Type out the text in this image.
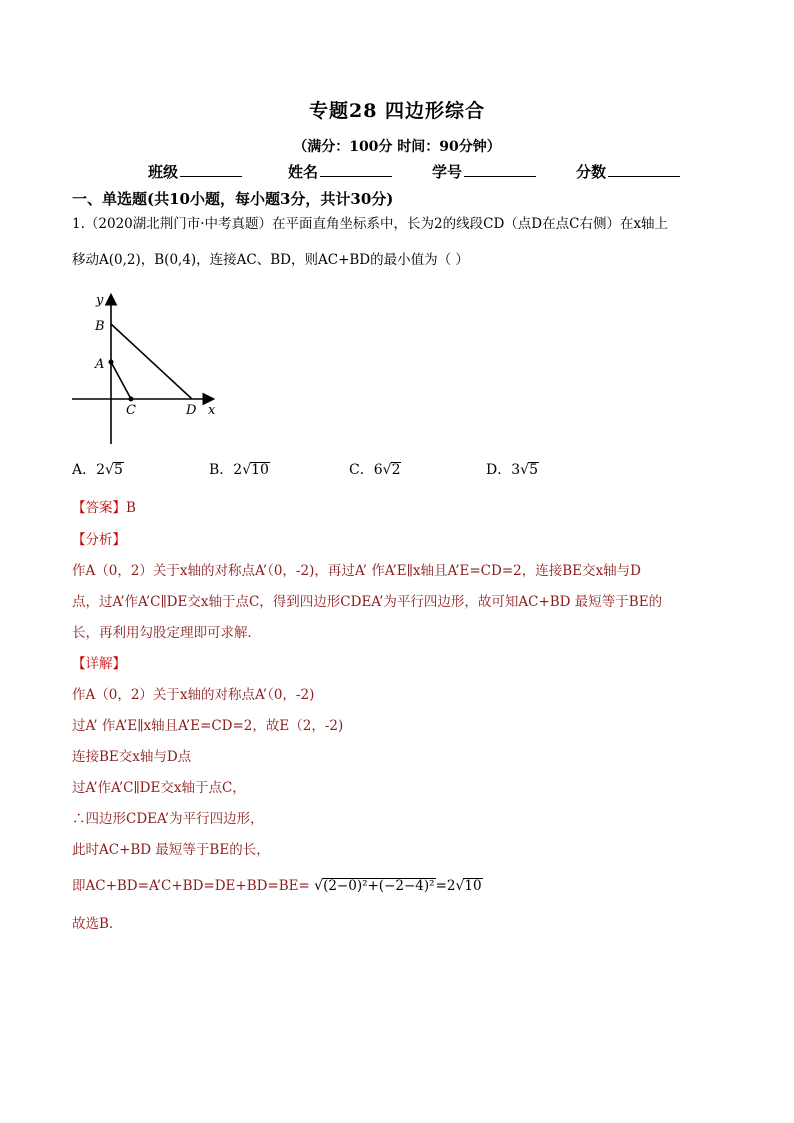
专题28 四边形综合
（满分：100分 时间：90分钟）
班级	姓名	学号	分数
一、单选题(共10小题，每小题3分，共计30分)
1.（2020湖北荆门市·中考真题）在平面直角坐标系中，长为2的线段CD（点D在点C右侧）在x轴上
移动A(0,2)，B(0,4)，连接AC、BD，则AC+BD的最小值为（ ）
y
B
A
C	D x
A．2√5	B．2√10	C．6√2	D．3√5
【答案】B
【分析】
作A（0，2）关于x轴的对称点A’（0，-2)，再过A’ 作A’E∥x轴且A’E=CD=2，连接BE交x轴与D
点，过A’作A’C∥DE交x轴于点C，得到四边形CDEA’为平行四边形，故可知AC+BD 最短等于BE的
长，再利用勾股定理即可求解．
【详解】
作A（0，2）关于x轴的对称点A’（0，-2)
过A’ 作A’E∥x轴且A’E=CD=2，故E（2，-2)
连接BE交x轴与D点
过A’作A’C∥DE交x轴于点C，
∴四边形CDEA’为平行四边形，
此时AC+BD 最短等于BE的长，
即AC+BD=A’C+BD=DE+BD=BE= √(2−0)²+(−2−4)²=2√10
故选B．
